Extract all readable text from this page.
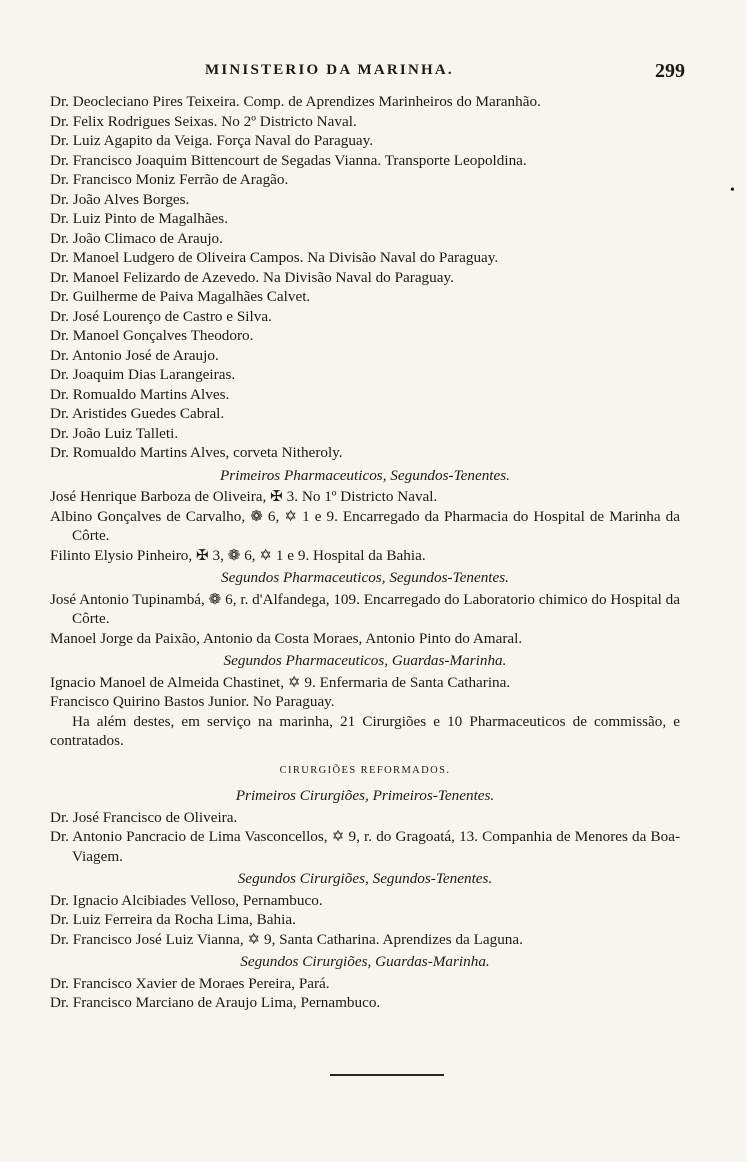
MINISTERIO DA MARINHA.	299
Dr. Deocleciano Pires Teixeira. Comp. de Aprendizes Marinheiros do Maranhão.
Dr. Felix Rodrigues Seixas. No 2º Districto Naval.
Dr. Luiz Agapito da Veiga. Força Naval do Paraguay.
Dr. Francisco Joaquim Bittencourt de Segadas Vianna. Transporte Leopoldina.
Dr. Francisco Moniz Ferrão de Aragão.
Dr. João Alves Borges.
Dr. Luiz Pinto de Magalhães.
Dr. João Climaco de Araujo.
Dr. Manoel Ludgero de Oliveira Campos. Na Divisão Naval do Paraguay.
Dr. Manoel Felizardo de Azevedo. Na Divisão Naval do Paraguay.
Dr. Guilherme de Paiva Magalhães Calvet.
Dr. José Lourenço de Castro e Silva.
Dr. Manoel Gonçalves Theodoro.
Dr. Antonio José de Araujo.
Dr. Joaquim Dias Larangeiras.
Dr. Romualdo Martins Alves.
Dr. Aristides Guedes Cabral.
Dr. João Luiz Talleti.
Dr. Romualdo Martins Alves, corveta Nitheroly.
Primeiros Pharmaceuticos, Segundos-Tenentes.
José Henrique Barboza de Oliveira, ✠ 3. No 1º Districto Naval.
Albino Gonçalves de Carvalho, ❁ 6, ✡ 1 e 9. Encarregado da Pharmacia do Hospital de Marinha da Côrte.
Filinto Elysio Pinheiro, ✠ 3, ❁ 6, ✡ 1 e 9. Hospital da Bahia.
Segundos Pharmaceuticos, Segundos-Tenentes.
José Antonio Tupinambá, ❁ 6, r. d'Alfandega, 109. Encarregado do Laboratorio chimico do Hospital da Côrte.
Manoel Jorge da Paixão, Antonio da Costa Moraes, Antonio Pinto do Amaral.
Segundos Pharmaceuticos, Guardas-Marinha.
Ignacio Manoel de Almeida Chastinet, ✡ 9. Enfermaria de Santa Catharina.
Francisco Quirino Bastos Junior. No Paraguay.
Ha além destes, em serviço na marinha, 21 Cirurgiões e 10 Pharmaceuticos de commissão, e contratados.
CIRURGIÕES REFORMADOS.
Primeiros Cirurgiões, Primeiros-Tenentes.
Dr. José Francisco de Oliveira.
Dr. Antonio Pancracio de Lima Vasconcellos, ✡ 9, r. do Gragoatá, 13. Companhia de Menores da Boa-Viagem.
Segundos Cirurgiões, Segundos-Tenentes.
Dr. Ignacio Alcibiades Velloso, Pernambuco.
Dr. Luiz Ferreira da Rocha Lima, Bahia.
Dr. Francisco José Luiz Vianna, ✡ 9, Santa Catharina. Aprendizes da Laguna.
Segundos Cirurgiões, Guardas-Marinha.
Dr. Francisco Xavier de Moraes Pereira, Pará.
Dr. Francisco Marciano de Araujo Lima, Pernambuco.
•
